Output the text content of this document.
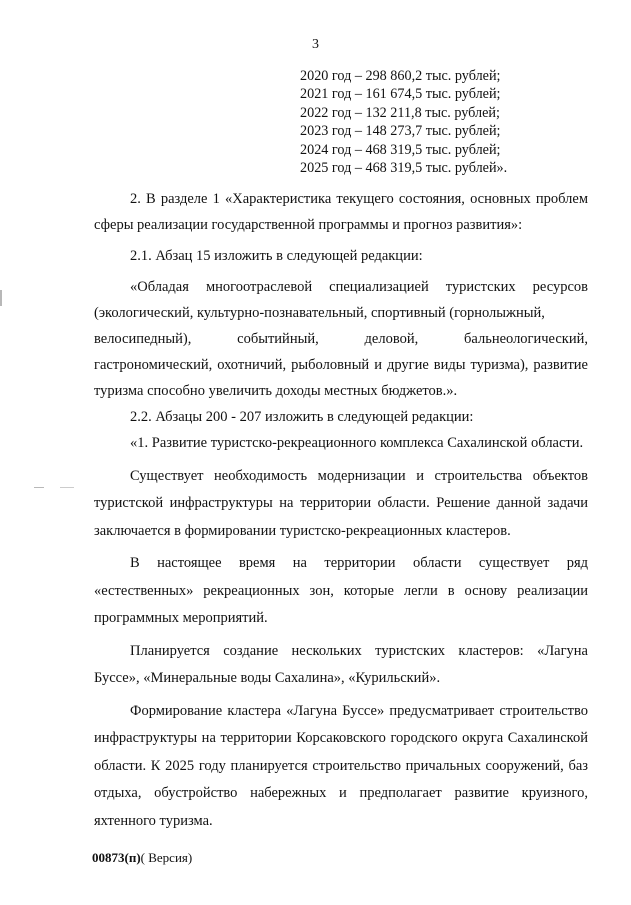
3
2020 год – 298 860,2 тыс. рублей;
2021 год – 161 674,5 тыс. рублей;
2022 год – 132 211,8 тыс. рублей;
2023 год – 148 273,7 тыс. рублей;
2024 год – 468 319,5 тыс. рублей;
2025 год – 468 319,5 тыс. рублей».

2. В разделе 1 «Характеристика текущего состояния, основных проблем сферы реализации государственной программы и прогноз развития»:

2.1. Абзац 15 изложить в следующей редакции:

«Обладая многоотраслевой специализацией туристских ресурсов (экологический, культурно-познавательный, спортивный (горнолыжный,

велосипедный),	событийный,	деловой,	бальнеологический,

гастрономический, охотничий, рыболовный и другие виды туризма), развитие туризма способно увеличить доходы местных бюджетов.».

2.2. Абзацы 200 - 207 изложить в следующей редакции:

«1. Развитие туристско-рекреационного комплекса Сахалинской области.

Существует необходимость модернизации и строительства объектов туристской инфраструктуры на территории области. Решение данной задачи заключается в формировании туристско-рекреационных кластеров.

В настоящее время на территории области существует ряд «естественных» рекреационных зон, которые легли в основу реализации программных мероприятий.

Планируется создание нескольких туристских кластеров: «Лагуна Буссе», «Минеральные воды Сахалина», «Курильский».

Формирование кластера «Лагуна Буссе» предусматривает строительство инфраструктуры на территории Корсаковского городского округа Сахалинской области. К 2025 году планируется строительство причальных сооружений, баз отдыха, обустройство набережных и предполагает развитие круизного, яхтенного туризма.

00873(п)( Версия)
